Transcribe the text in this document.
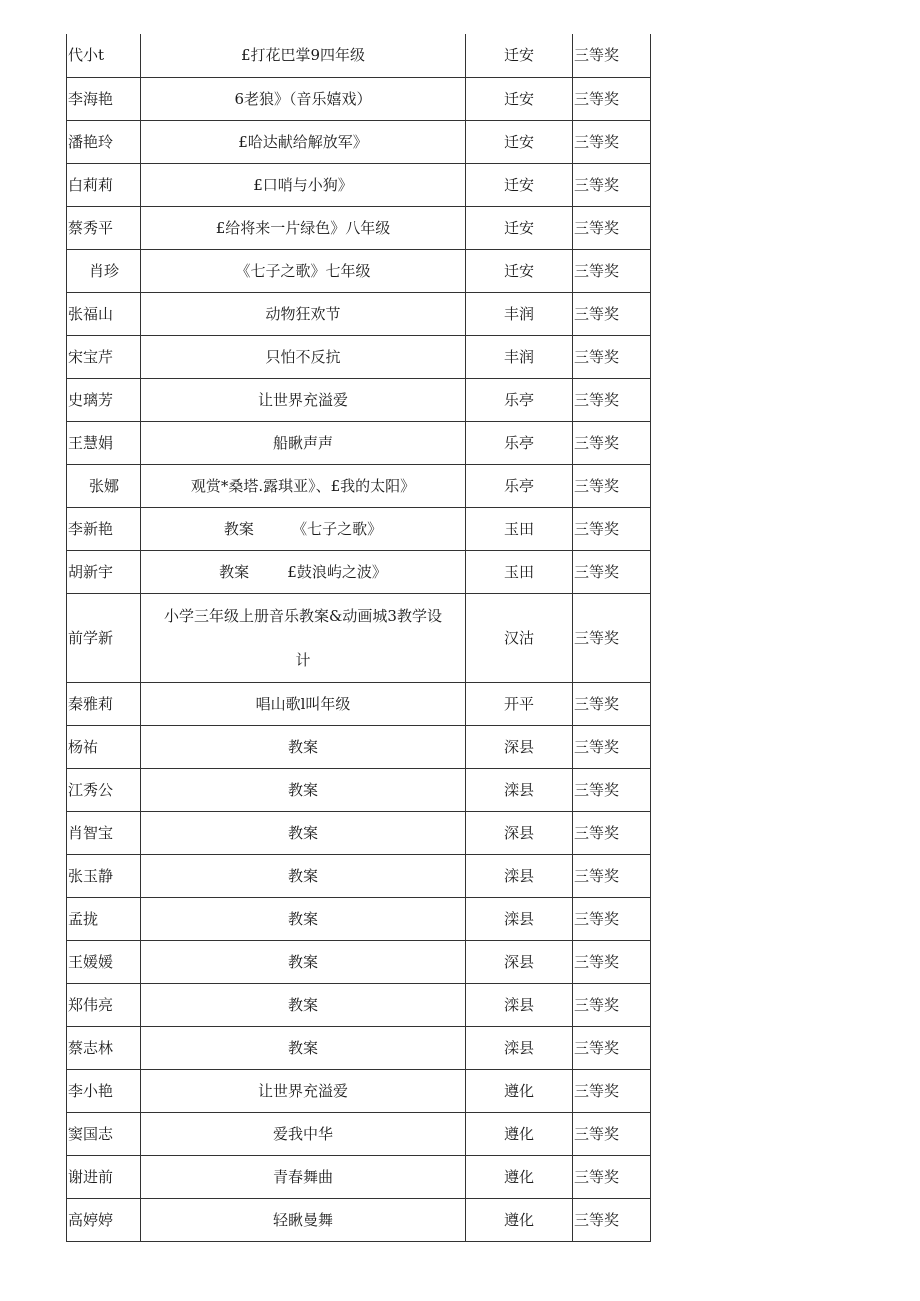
代小t	£打花巴掌9四年级	迁安	三等奖
李海艳	6老狼》（音乐嬉戏）	迁安	三等奖
潘艳玲	£哈达献给解放军》	迁安	三等奖
白莉莉	£口哨与小狗》	迁安	三等奖
蔡秀平	£给将来一片绿色》八年级	迁安	三等奖
肖珍	《七子之歌》七年级	迁安	三等奖
张福山	动物狂欢节	丰润	三等奖
宋宝芹	只怕不反抗	丰润	三等奖
史璃芳	让世界充溢爱	乐亭	三等奖
王慧娟	船瞅声声	乐亭	三等奖
张娜	观赏*桑塔.露琪亚》、£我的太阳》	乐亭	三等奖
李新艳	教案        《七子之歌》	玉田	三等奖
胡新宇	教案        £鼓浪屿之波》	玉田	三等奖
前学新	小学三年级上册音乐教案&动画城3教学设计	汉沽	三等奖
秦雅莉	唱山歌l叫年级	开平	三等奖
杨祐	教案	深县	三等奖
江秀公	教案	滦县	三等奖
肖智宝	教案	深县	三等奖
张玉静	教案	滦县	三等奖
孟拢	教案	滦县	三等奖
王媛媛	教案	深县	三等奖
郑伟亮	教案	滦县	三等奖
蔡志林	教案	滦县	三等奖
李小艳	让世界充溢爱	遵化	三等奖
窦国志	爱我中华	遵化	三等奖
谢进前	青春舞曲	遵化	三等奖
高婷婷	轻瞅曼舞	遵化	三等奖
